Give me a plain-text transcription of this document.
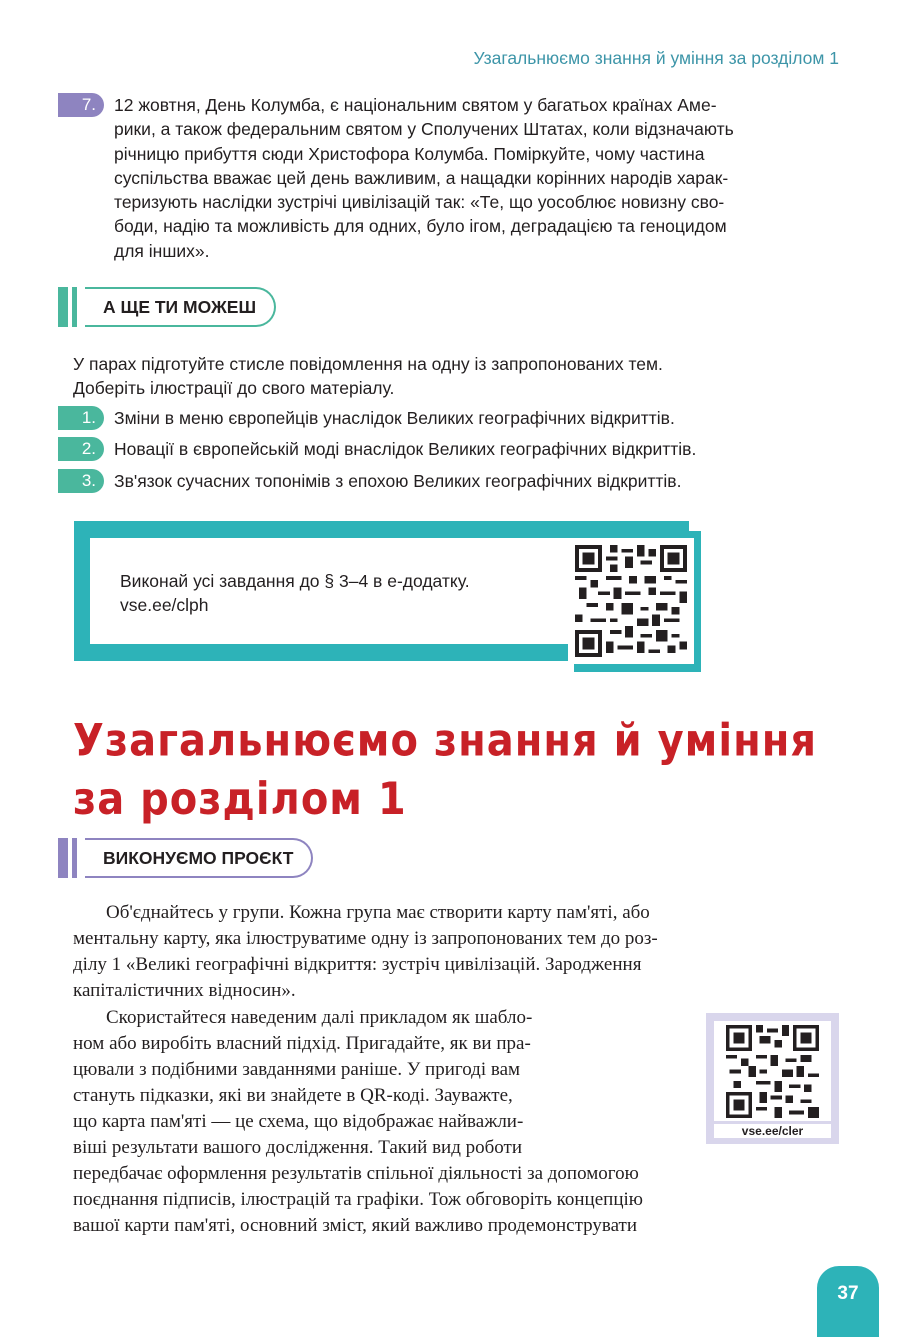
Узагальнюємо знання й уміння за розділом 1
7.	12 жовтня, День Колумба, є національним святом у багатьох країнах Аме-
рики, а також федеральним святом у Сполучених Штатах, коли відзначають
річницю прибуття сюди Христофора Колумба. Поміркуйте, чому частина
суспільства вважає цей день важливим, а нащадки корінних народів харак-
теризують наслідки зустрічі цивілізацій так: «Те, що уособлює новизну сво-
боди, надію та можливість для одних, було ігом, деградацією та геноцидом
для інших».
А ЩЕ ТИ МОЖЕШ
У парах підготуйте стисле повідомлення на одну із запропонованих тем.
Доберіть ілюстрації до свого матеріалу.
1.	Зміни в меню європейців унаслідок Великих географічних відкриттів.
2.	Новації в європейській моді внаслідок Великих географічних відкриттів.
3.	Зв'язок сучасних топонімів з епохою Великих географічних відкриттів.
Виконай усі завдання до § 3–4 в е-додатку.
vse.ee/clph
Узагальнюємо знання й уміння
за розділом 1
ВИКОНУЄМО ПРОЄКТ
Об'єднайтесь у групи. Кожна група має створити карту пам'яті, або
ментальну карту, яка ілюструватиме одну із запропонованих тем до роз-
ділу 1 «Великі географічні відкриття: зустріч цивілізацій. Зародження
капіталістичних відносин».
Скористайтеся наведеним далі прикладом як шабло-
ном або виробіть власний підхід. Пригадайте, як ви пра-
цювали з подібними завданнями раніше. У пригоді вам
стануть підказки, які ви знайдете в QR-коді. Зауважте,
що карта пам'яті — це схема, що відображає найважли-
віші результати вашого дослідження. Такий вид роботи
vse.ee/cler
передбачає оформлення результатів спільної діяльності за допомогою
поєднання підписів, ілюстрацій та графіки. Тож обговоріть концепцію
вашої карти пам'яті, основний зміст, який важливо продемонструвати
37
